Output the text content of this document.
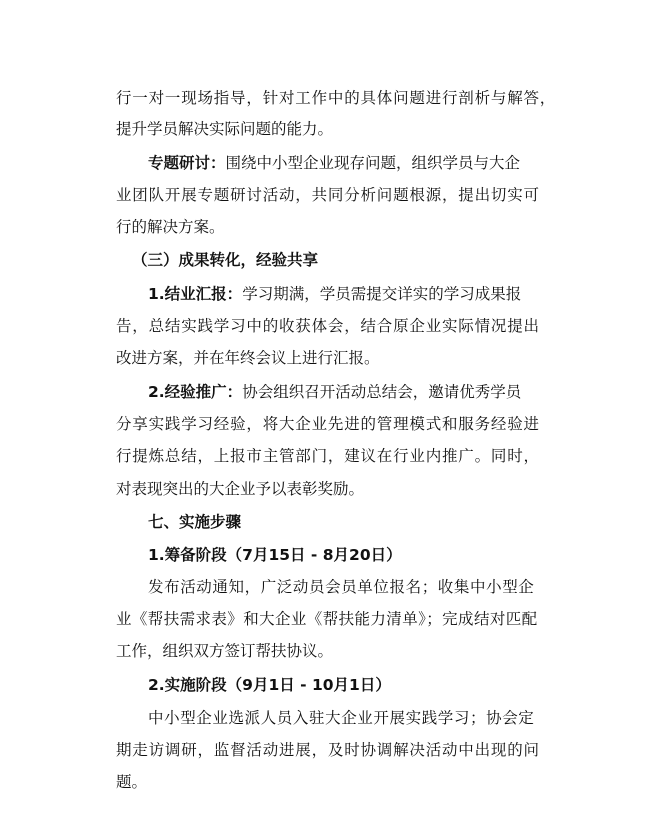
行一对一现场指导，针对工作中的具体问题进行剖析与解答，
提升学员解决实际问题的能力。
专题研讨：围绕中小型企业现存问题，组织学员与大企
业团队开展专题研讨活动，共同分析问题根源，提出切实可
行的解决方案。
（三）成果转化，经验共享
1.结业汇报：学习期满，学员需提交详实的学习成果报
告，总结实践学习中的收获体会，结合原企业实际情况提出
改进方案，并在年终会议上进行汇报。
2.经验推广：协会组织召开活动总结会，邀请优秀学员
分享实践学习经验，将大企业先进的管理模式和服务经验进
行提炼总结，上报市主管部门，建议在行业内推广。同时，
对表现突出的大企业予以表彰奖励。
七、实施步骤
1.筹备阶段（7月15日 - 8月20日）
发布活动通知，广泛动员会员单位报名；收集中小型企
业《帮扶需求表》和大企业《帮扶能力清单》；完成结对匹配
工作，组织双方签订帮扶协议。
2.实施阶段（9月1日 - 10月1日）
中小型企业选派人员入驻大企业开展实践学习；协会定
期走访调研，监督活动进展，及时协调解决活动中出现的问
题。
